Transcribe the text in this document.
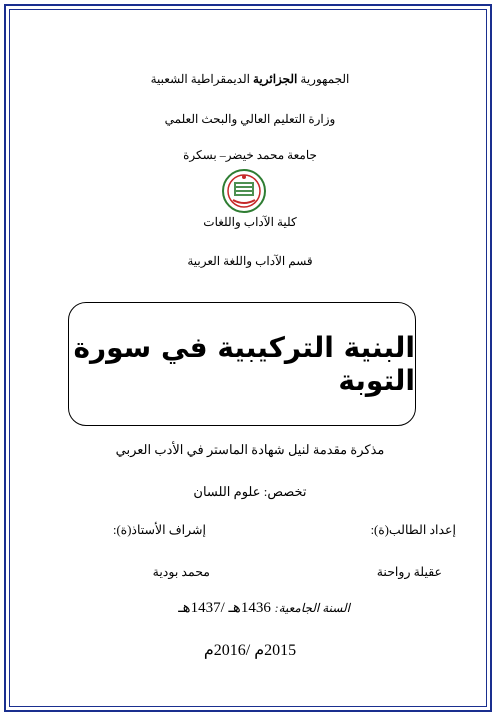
الجمهورية الجزائرية الديمقراطية الشعبية
وزارة التعليم العالي والبحث العلمي
جامعة محمد خيضر– بسكرة
كلية الآداب واللغات
قسم الآداب واللغة العربية
البنية التركيبية في سورة التوبة
مذكرة مقدمة لنيل شهادة الماستر في الأدب العربي
تخصص: علوم اللسان
إعداد الطالب(ة):
إشراف الأستاذ(ة):
عقيلة رواحنة
محمد بودية
السنة الجامعية: 1436هـ /1437هـ
2015م /2016م
